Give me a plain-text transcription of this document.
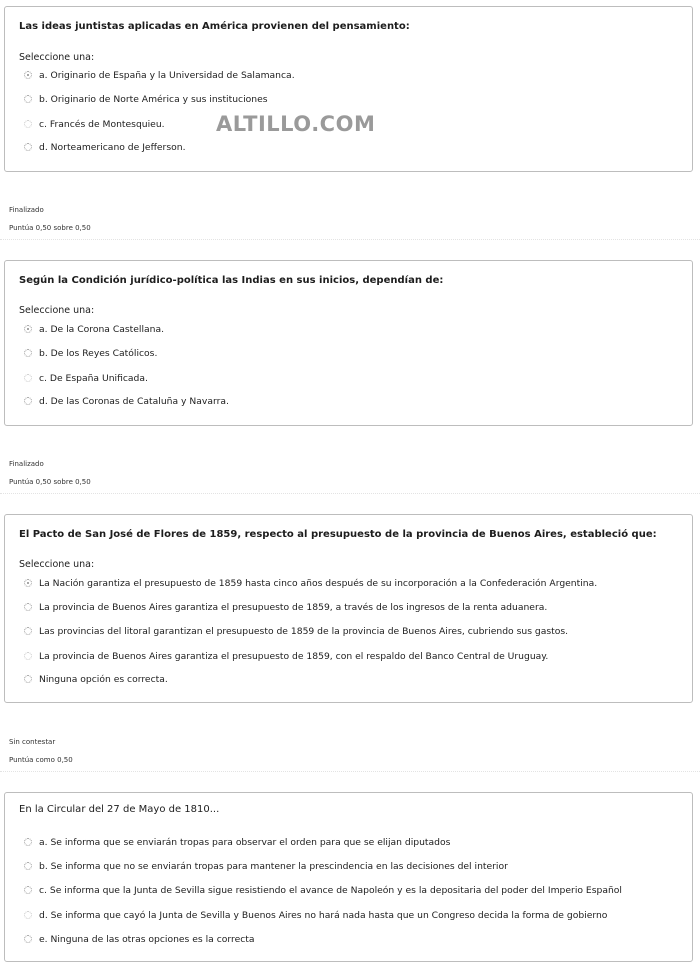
Las ideas juntistas aplicadas en América provienen del pensamiento:
Seleccione una:
a. Originario de España y la Universidad de Salamanca.
b. Originario de Norte América y sus instituciones
c. Francés de Montesquieu.
d. Norteamericano de Jefferson.
ALTILLO.COM
Finalizado
Puntúa 0,50 sobre 0,50
Según la Condición jurídico-política las Indias en sus inicios, dependían de:
Seleccione una:
a. De la Corona Castellana.
b. De los Reyes Católicos.
c. De España Unificada.
d. De las Coronas de Cataluña y Navarra.
Finalizado
Puntúa 0,50 sobre 0,50
El Pacto de San José de Flores de 1859, respecto al presupuesto de la provincia de Buenos Aires, estableció que:
Seleccione una:
La Nación garantiza el presupuesto de 1859 hasta cinco años después de su incorporación a la Confederación Argentina.
La provincia de Buenos Aires garantiza el presupuesto de 1859, a través de los ingresos de la renta aduanera.
Las provincias del litoral garantizan el presupuesto de 1859 de la provincia de Buenos Aires, cubriendo sus gastos.
La provincia de Buenos Aires garantiza el presupuesto de 1859, con el respaldo del Banco Central de Uruguay.
Ninguna opción es correcta.
Sin contestar
Puntúa como 0,50
En la Circular del 27 de Mayo de 1810...
a. Se informa que se enviarán tropas para observar el orden para que se elijan diputados
b. Se informa que no se enviarán tropas para mantener la prescindencia en las decisiones del interior
c. Se informa que la Junta de Sevilla sigue resistiendo el avance de Napoleón y es la depositaria del poder del Imperio Español
d. Se informa que cayó la Junta de Sevilla y Buenos Aires no hará nada hasta que un Congreso decida la forma de gobierno
e. Ninguna de las otras opciones es la correcta
